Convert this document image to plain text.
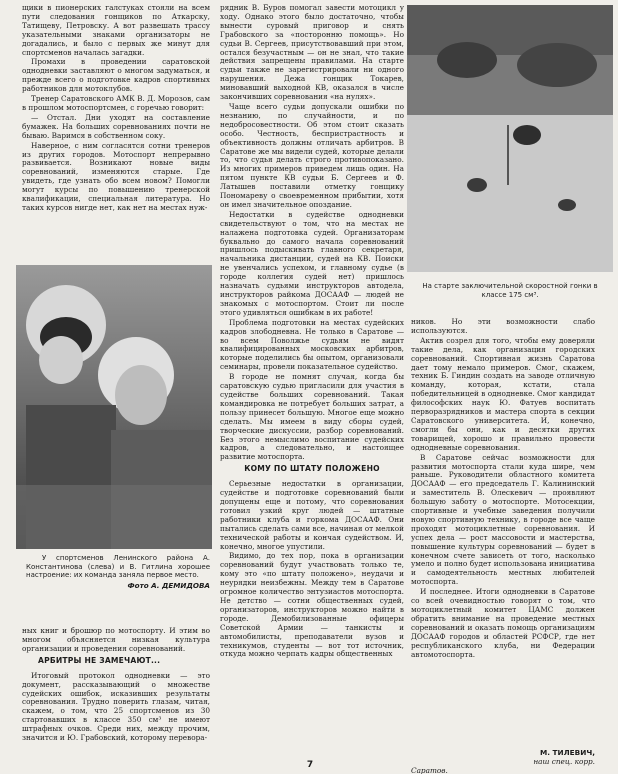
щики в пионерских галстуках стояли на всем пути следования гонщиков по Аткарску, Татищеву, Петровску. А вот развешать трассу указательными знаками организаторы не догадались, и было с первых же минут для спортсменов началась загадки.

Промахи в проведении саратовской однодневки заставляют о многом задуматься, и прежде всего о подготовке кадров спортивных работников для мотоклубов.

Тренер Саратовского АМК В. Д. Морозов, сам в прошлом мотоспортсмен, с горечью говорит:

— Отстал. Дни уходят на составление бумажек. На больших соревнованиях почти не бываю. Варимся в собственном соку.

Наверное, с ним согласятся сотни тренеров из других городов. Мотоспорт непрерывно развивается. Возникают новые виды соревнований, изменяются старые. Где увидеть, где узнать обо всем новом? Помогли могут курсы по повышению тренерской квалификации, специальная литература. Но таких курсов нигде нет, как нет на местах нуж-

У спортсменов Ленинского района А. Константинова (слева) и В. Гитлина хорошее настроение: их команда заняла первое место.
Фото А. ДЕМИДОВА

ных книг и брошюр по мотоспорту. И этим во многом объясняется низкая культура организации и проведения соревнований.

АРБИТРЫ НЕ ЗАМЕЧАЮТ...

Итоговый протокол однодневки — это документ, рассказывающий о множестве судейских ошибок, исказивших результаты соревнования. Трудно поверить глазам, читая, скажем, о том, что 25 спортсменов из 30 стартовавших в классе 350 см³ не имеют штрафных очков. Среди них, между прочим, значится и Ю. Грабовский, которому перевора-

рядник В. Буров помогал завести мотоцикл у ходу. Однако этого было достаточно, чтобы вынести суровый приговор и снять Грабовского за «посторонню помощь». Но судьи В. Сергеев, присутствовавший при этом, остался безучастным — он не знал, что такие действия запрещены правилами. На старте судьи также не зарегистрировали ни одного нарушения. Дежа гонщик Токарев, миновавший выходной КВ, оказался в числе закончивших соревнования «на нулях».

Чаще всего судьи допускали ошибки по незнанию, по случайности, и по недобросовестности. Об этом стоит сказать особо. Честность, беспристрастность и объективность должны отличать арбитров. В Саратове же мы видели судей, которые делали то, что судья делать строго противопоказано. Из многих примеров приведем лишь один. На пятом пункте КВ судьи Б. Сергеев и Ф. Латышев поставили отметку гонщику Пономареву о своевременном прибытии, хотя он имел значительное опоздание.

Недостатки в судействе однодневки свидетельствуют о том, что на местах не налажена подготовка судей. Организаторам буквально до самого начала соревнований пришлось подыскивать главного секретаря, начальника дистанции, судей на КВ. Поиски не увенчались успехом, и главному судье (в городе коллегия судей нет) пришлось назначать судьями инструкторов автодела, инструкторов райкома ДОСААФ — людей не знакомых с мотоспортом. Стоит ли после этого удивляться ошибкам в их работе!

Проблема подготовки на местах судейских кадров злободневна. Не только в Саратове — во всем Поволжье судьям не видят квалифицированных московских арбитров, которые поделились бы опытом, организовали семинары, провели показательное судейство.

В городе не помнят случая, когда бы саратовскую судью пригласили для участия в судействе больших соревнований. Такая командировка не потребует больших затрат, а пользу принесет большую. Многое еще можно сделать. Мы имеем в виду сборы судей, творческие дискуссии, разбор соревнований. Без этого немыслимо воспитание судейских кадров, а следовательно, и настоящее развитие мотоспорта.

КОМУ ПО ШТАТУ ПОЛОЖЕНО

Серьезные недостатки в организации, судействе и подготовке соревнований были допущены еще и потому, что соревнования готовил узкий круг людей — штатные работники клуба и горкома ДОСААФ. Они пытались сделать сами все, начиная от мелкой технической работы и кончая судейством. И, конечно, многое упустили.

Видимо, до тех пор, пока в организации соревнований будут участвовать только те, кому это «по штату положено», неудачи и неурядки неизбежны. Между тем в Саратове огромное количество энтузиастов мотоспорта. Не детство — сотни общественных судей, организаторов, инструкторов можно найти в городе. Демобилизованные офицеры Советской Армии — танкисты и автомобилисты, преподаватели вузов и техникумов, студенты — вот тот источник, откуда можно черпать кадры общественных

На старте заключительной скоростной гонки в классе 175 см³.

ников. Но эти возможности слабо используются.

Актив созрел для того, чтобы ему доверяли такие дела, как организация городских соревнований. Спортивная жизнь Саратова дает тому немало примеров. Смог, скажем, техник Б. Гиндин создать на заводе отличную команду, которая, кстати, стала победительницей в однодневке. Смог кандидат философских наук Ю. Фатуев воспитать перворазрядников и мастера спорта в секции Саратовского университета. И, конечно, смогли бы они, как и десятки других товарищей, хорошо и правильно провести однодневные соревнования.

В Саратове сейчас возможности для развития мотоспорта стали куда шире, чем раньше. Руководители областного комитета ДОСААФ — его председатель Г. Калининский и заместитель В. Олескевич — проявляют большую заботу о мотоспорте. Мотосекции, спортивные и учебные заведения получили новую спортивную технику, в городе все чаще проходят мотоциклетные соревнования. И успех дела — рост массовости и мастерства, повышение культуры соревнований — будет в конечном счете зависеть от того, насколько умело и полно будет использована инициатива и самодеятельность местных любителей мотоспорта.

И последнее. Итоги однодневки в Саратове со всей очевидностью говорят о том, что мотоциклетный комитет ЦАМС должен обратить внимание на проведение местных соревнований и оказать помощь организациям ДОСААФ городов и областей РСФСР, где нет республиканского клуба, ни Федерации автомотоспорта.

М. ТИЛЕВИЧ,
наш спец. корр.
Саратов.
7
